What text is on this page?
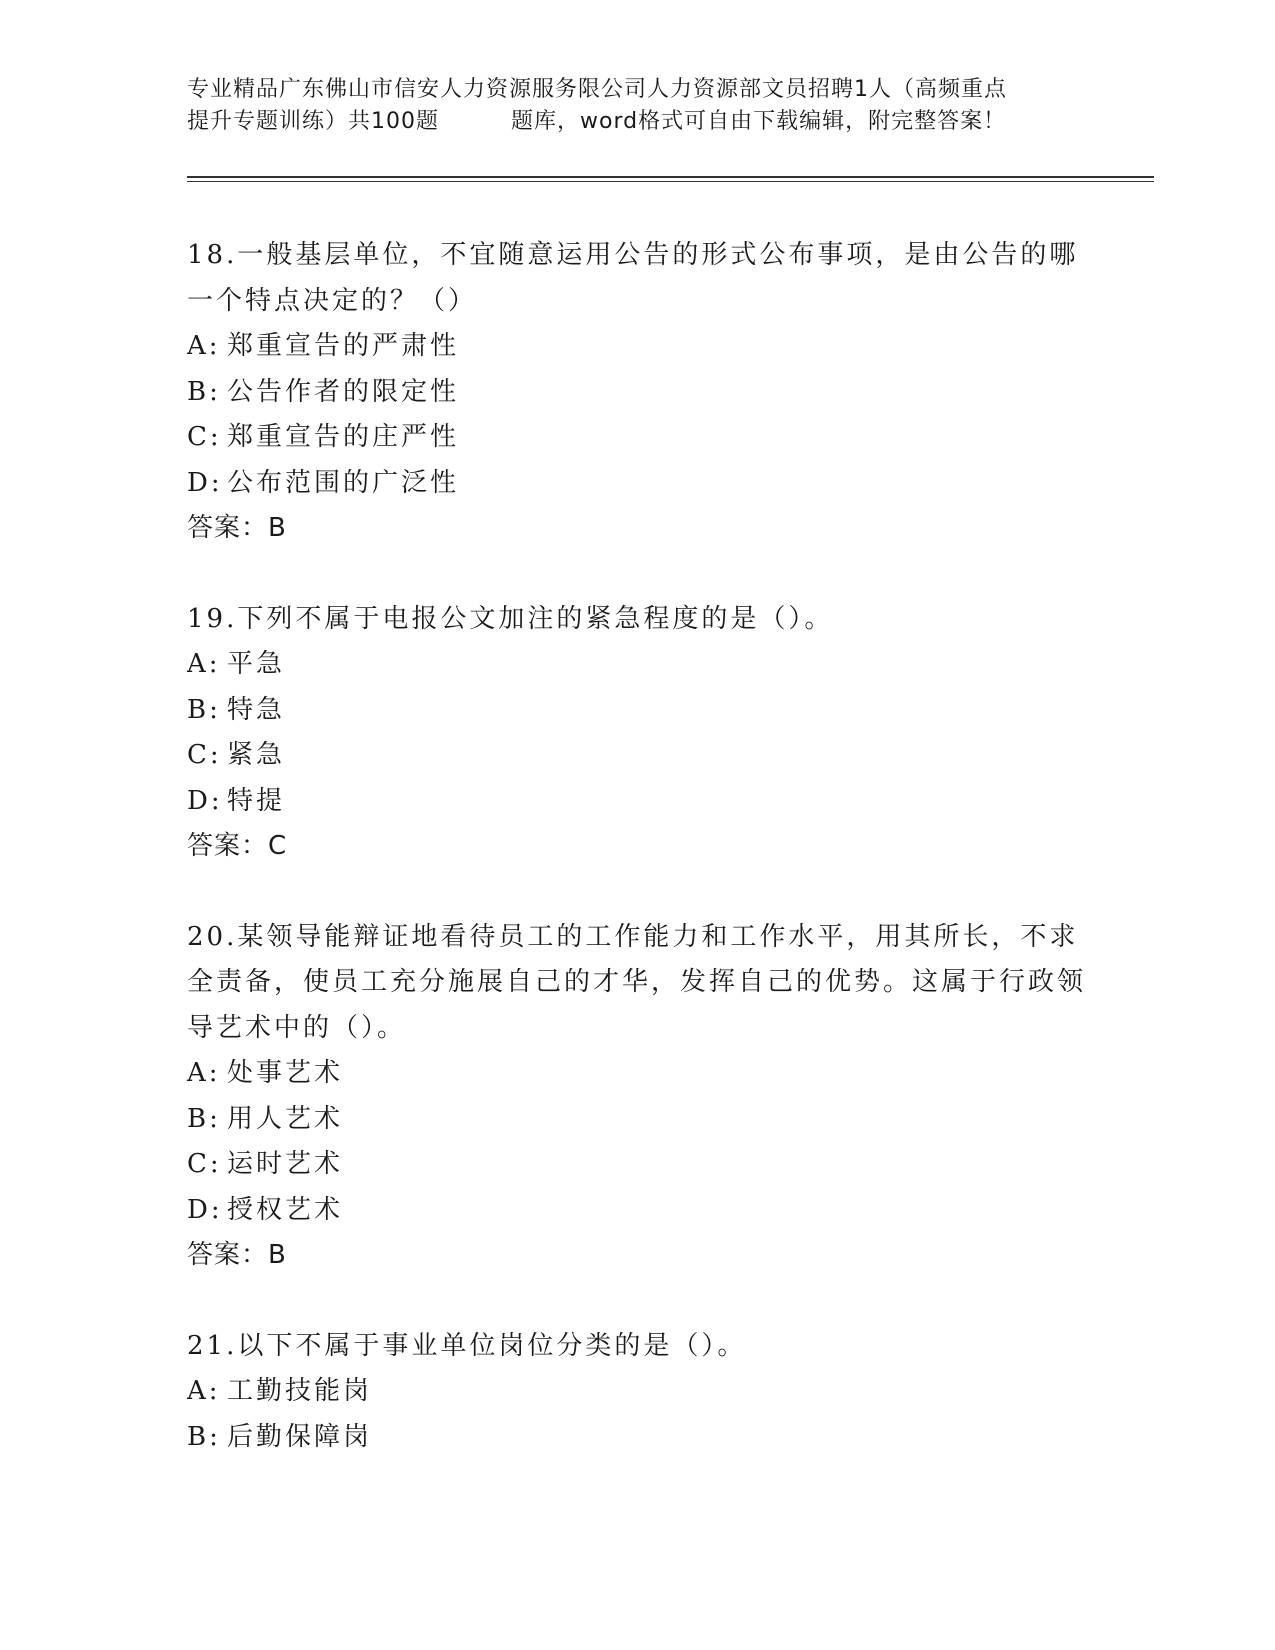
专业精品广东佛山市信安人力资源服务限公司人力资源部文员招聘1人（高频重点
提升专题训练）共100题	题库，word格式可自由下载编辑，附完整答案！

18.一般基层单位，不宜随意运用公告的形式公布事项，是由公告的哪一个特点决定的？（）

A: 郑重宣告的严肃性

B: 公告作者的限定性

C: 郑重宣告的庄严性

D: 公布范围的广泛性

答案：B

19.下列不属于电报公文加注的紧急程度的是（）。

A: 平急

B: 特急

C: 紧急

D: 特提

答案：C

20.某领导能辩证地看待员工的工作能力和工作水平，用其所长，不求全责备，使员工充分施展自己的才华，发挥自己的优势。这属于行政领导艺术中的（）。

A: 处事艺术

B: 用人艺术

C: 运时艺术

D: 授权艺术

答案：B

21.以下不属于事业单位岗位分类的是（）。

A: 工勤技能岗

B: 后勤保障岗
